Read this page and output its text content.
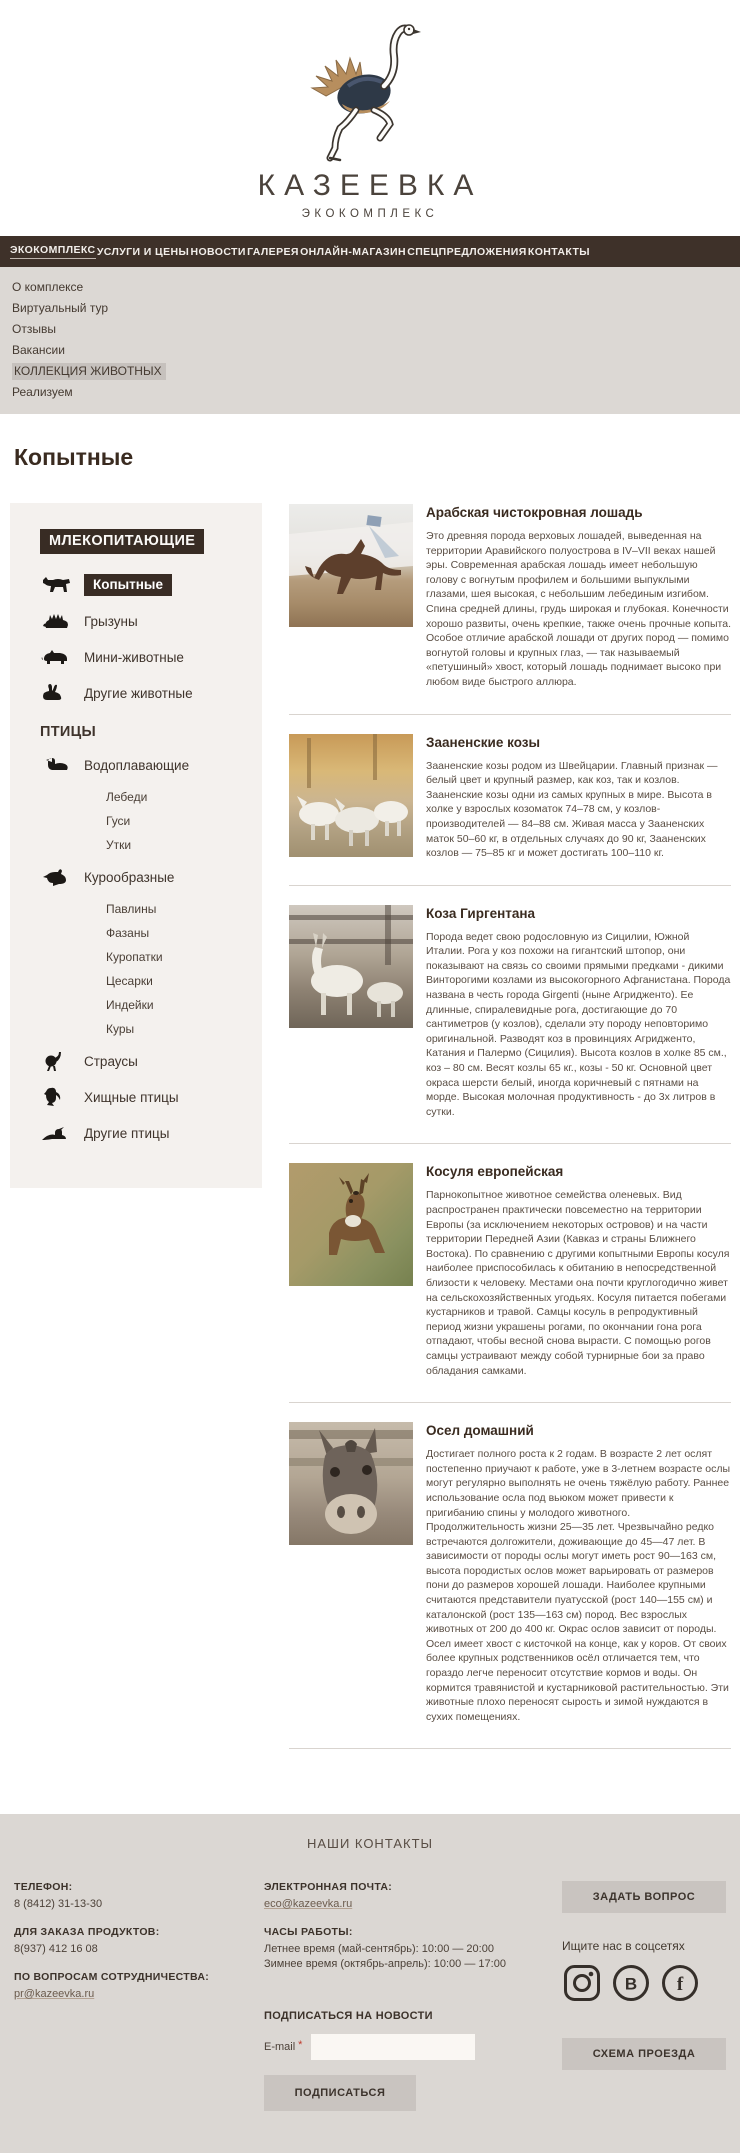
КАЗЕЕВКА
ЭКОКОМПЛЕКС
ЭКОКОМПЛЕКС УСЛУГИ И ЦЕНЫ НОВОСТИ ГАЛЕРЕЯ ОНЛАЙН-МАГАЗИН СПЕЦПРЕДЛОЖЕНИЯ КОНТАКТЫ
О комплексе
Виртуальный тур
Отзывы
Вакансии
КОЛЛЕКЦИЯ ЖИВОТНЫХ
Реализуем
Копытные
МЛЕКОПИТАЮЩИЕ
Копытные
Грызуны
Мини-животные
Другие животные
ПТИЦЫ
Водоплавающие
Лебеди
Гуси
Утки
Курообразные
Павлины
Фазаны
Куропатки
Цесарки
Индейки
Куры
Страусы
Хищные птицы
Другие птицы
Арабская чистокровная лошадь
Это древняя порода верховых лошадей, выведенная на территории Аравийского полуострова в IV–VII веках нашей эры. Современная арабская лошадь имеет небольшую голову с вогнутым профилем и большими выпуклыми глазами, шея высокая, с небольшим лебединым изгибом. Спина средней длины, грудь широкая и глубокая. Конечности хорошо развиты, очень крепкие, также очень прочные копыта. Особое отличие арабской лошади от других пород — помимо вогнутой головы и крупных глаз, — так называемый «петушиный» хвост, который лошадь поднимает высоко при любом виде быстрого аллюра.
Зааненские козы
Зааненские козы родом из Швейцарии. Главный признак — белый цвет и крупный размер, как коз, так и козлов. Зааненские козы одни из самых крупных в мире. Высота в холке у взрослых козоматок 74–78 см, у козлов-производителей — 84–88 см. Живая масса у Зааненских маток 50–60 кг, в отдельных случаях до 90 кг, Зааненских козлов — 75–85 кг и может достигать 100–110 кг.
Коза Гиргентана
Порода ведет свою родословную из Сицилии, Южной Италии. Рога у коз похожи на гигантский штопор, они показывают на связь со своими прямыми предками - дикими Винторогими козлами из высокогорного Афганистана. Порода названа в честь города Girgenti (ныне Агридженто). Ее длинные, спиралевидные рога, достигающие до 70 сантиметров (у козлов), сделали эту породу неповторимо оригинальной. Разводят коз в провинциях Агридженто, Катания и Палермо (Сицилия). Высота козлов в холке 85 см., коз – 80 см. Весят козлы 65 кг., козы - 50 кг. Основной цвет окраса шерсти белый, иногда коричневый с пятнами на морде. Высокая молочная продуктивность - до 3х литров в сутки.
Косуля европейская
Парнокопытное животное семейства оленевых. Вид распространен практически повсеместно на территории Европы (за исключением некоторых островов) и на части территории Передней Азии (Кавказ и страны Ближнего Востока). По сравнению с другими копытными Европы косуля наиболее приспособилась к обитанию в непосредственной близости к человеку. Местами она почти круглогодично живет на сельскохозяйственных угодьях. Косуля питается побегами кустарников и травой. Самцы косуль в репродуктивный период жизни украшены рогами, по окончании гона рога отпадают, чтобы весной снова вырасти. С помощью рогов самцы устраивают между собой турнирные бои за право обладания самками.
Осел домашний
Достигает полного роста к 2 годам. В возрасте 2 лет ослят постепенно приучают к работе, уже в 3-летнем возрасте ослы могут регулярно выполнять не очень тяжёлую работу. Раннее использование осла под вьюком может привести к пригибанию спины у молодого животного. Продолжительность жизни 25—35 лет. Чрезвычайно редко встречаются долгожители, доживающие до 45—47 лет. В зависимости от породы ослы могут иметь рост 90—163 см, высота породистых ослов может варьировать от размеров пони до размеров хорошей лошади. Наиболее крупными считаются представители пуатусской (рост 140—155 см) и каталонской (рост 135—163 см) пород. Вес взрослых животных от 200 до 400 кг. Окрас ослов зависит от породы. Осел имеет хвост с кисточкой на конце, как у коров. От своих более крупных родственников осёл отличается тем, что гораздо легче переносит отсутствие кормов и воды. Он кормится травянистой и кустарниковой растительностью. Эти животные плохо переносят сырость и зимой нуждаются в сухих помещениях.
НАШИ КОНТАКТЫ
ТЕЛЕФОН:
8 (8412) 31-13-30
ДЛЯ ЗАКАЗА ПРОДУКТОВ:
8(937) 412 16 08
ПО ВОПРОСАМ СОТРУДНИЧЕСТВА:
pr@kazeevka.ru
ЭЛЕКТРОННАЯ ПОЧТА:
eco@kazeevka.ru
ЧАСЫ РАБОТЫ:
Летнее время (май-сентябрь): 10:00 — 20:00
Зимнее время (октябрь-апрель): 10:00 — 17:00
ПОДПИСАТЬСЯ НА НОВОСТИ
E-mail *
ПОДПИСАТЬСЯ
ЗАДАТЬ ВОПРОС
Ищите нас в соцсетях
В f
СХЕМА ПРОЕЗДА
